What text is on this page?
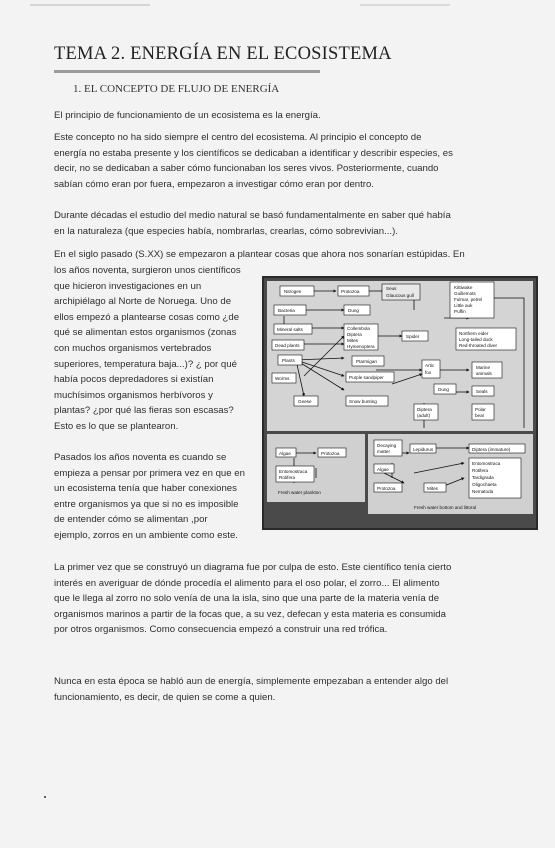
TEMA 2. ENERGÍA EN EL ECOSISTEMA
1. EL CONCEPTO DE FLUJO DE ENERGÍA
El principio de funcionamiento de un ecosistema es la energía.
Este concepto no ha sido siempre el centro del ecosistema. Al principio el concepto de
energía no estaba presente y los científicos se dedicaban a identificar y describir especies, es
decir, no se dedicaban a saber cómo funcionaban los seres vivos. Posteriormente, cuando
sabían cómo eran por fuera, empezaron a investigar cómo eran por dentro.
Durante décadas el estudio del medio natural se basó fundamentalmente en saber qué había
en la naturaleza (que especies había, nombrarlas, crearlas, cómo sobrevivian...).
En el siglo pasado (S.XX) se empezaron a plantear cosas que ahora nos sonarían estúpidas. En
los años noventa, surgieron unos científicos
que hicieron investigaciones en un
archipiélago al Norte de Noruega. Uno de
ellos empezó a plantearse cosas como ¿de
qué se alimentan estos organismos (zonas
con muchos organismos vertebrados
superiores, temperatura baja...)? ¿ por qué
había pocos depredadores si existían
muchísimos organismos herbívoros y
plantas? ¿por qué las fieras son escasas?
Esto es lo que se plantearon.
Pasados los años noventa es cuando se
empieza a pensar por primera vez en que en
un ecosistema tenía que haber conexiones
entre organismos ya que si no es imposible
de entender cómo se alimentan ,por
ejemplo, zorros en un ambiente como este.
Nitrogen	Protozoa
Seus
Glaucous gull
Kittiwake
Guillemots
Fulmar, petrel
Little auk
Puffin
Bacteria	Dung
Mineral salts	Collembola
Diptera
Mites
Hymenoptera
Spider
Northern eider
Long-tailed duck
Red-throated diver
Dead plants
Plants	Ptarmigan
Artic
fox
Marine
animals
Worms	Purple sandpiper
Dung	Seals
Geese	Snow bunting
Diptera
(adult)
Polar
bear
Algae	Protozoa
Entomostraca
Rotifera
Fresh water plankton
Decaying
matter	Lepidurus	Diptera (immature)
Algae
Protozoa	Mites
Entomostraca
Rotifera
Tardigrada
Oligochaeta
Nematoda
Fresh water bottom and littoral
La primer vez que se construyó un diagrama fue por culpa de esto. Este científico tenía cierto
interés en averiguar de dónde procedía el alimento para el oso polar, el zorro... El alimento
que le llega al zorro no solo venía de una la isla, sino que una parte de la materia venía de
organismos marinos a partir de la focas que, a su vez, defecan y esta materia es consumida
por otros organismos. Como consecuencia empezó a construir una red trófica.
Nunca en esta época se habló aun de energía, simplemente empezaban a entender algo del
funcionamiento, es decir, de quien se come a quien.
